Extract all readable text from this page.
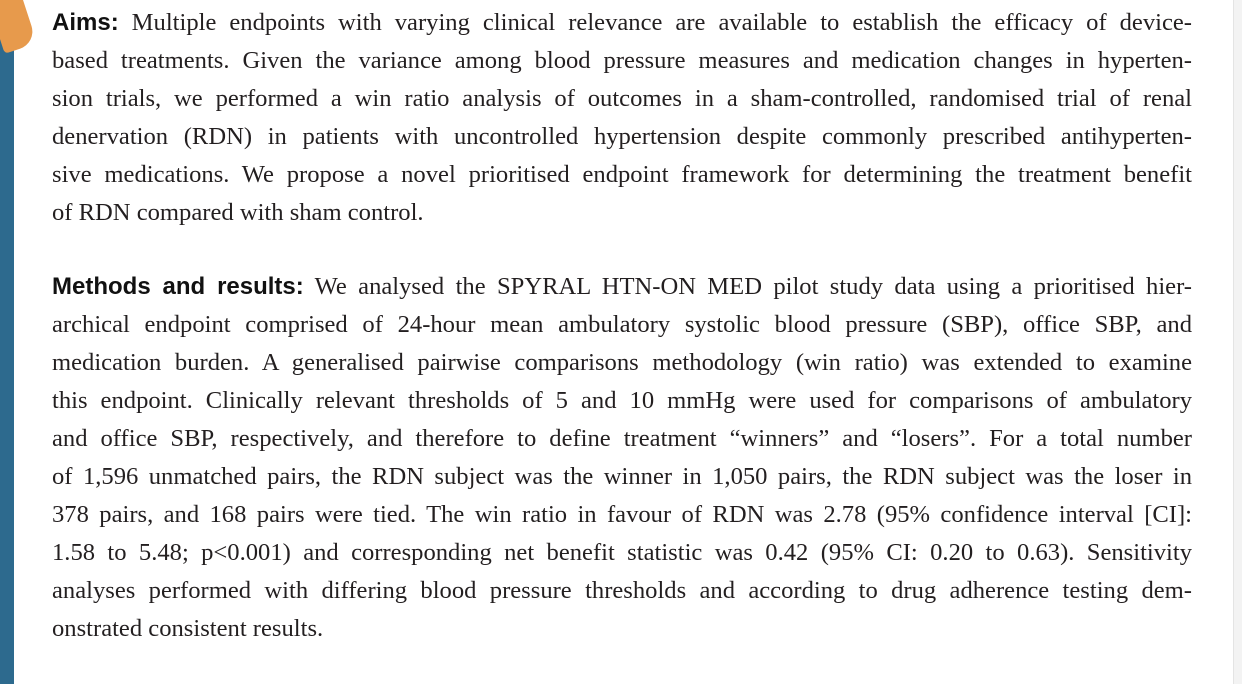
Aims: Multiple endpoints with varying clinical relevance are available to establish the efficacy of device-
based treatments. Given the variance among blood pressure measures and medication changes in hyperten-
sion trials, we performed a win ratio analysis of outcomes in a sham-controlled, randomised trial of renal
denervation (RDN) in patients with uncontrolled hypertension despite commonly prescribed antihyperten-
sive medications. We propose a novel prioritised endpoint framework for determining the treatment benefit
of RDN compared with sham control.

Methods and results: We analysed the SPYRAL HTN-ON MED pilot study data using a prioritised hier-
archical endpoint comprised of 24-hour mean ambulatory systolic blood pressure (SBP), office SBP, and
medication burden. A generalised pairwise comparisons methodology (win ratio) was extended to examine
this endpoint. Clinically relevant thresholds of 5 and 10 mmHg were used for comparisons of ambulatory
and office SBP, respectively, and therefore to define treatment “winners” and “losers”. For a total number
of 1,596 unmatched pairs, the RDN subject was the winner in 1,050 pairs, the RDN subject was the loser in
378 pairs, and 168 pairs were tied. The win ratio in favour of RDN was 2.78 (95% confidence interval [CI]:
1.58 to 5.48; p<0.001) and corresponding net benefit statistic was 0.42 (95% CI: 0.20 to 0.63). Sensitivity
analyses performed with differing blood pressure thresholds and according to drug adherence testing dem-
onstrated consistent results.
